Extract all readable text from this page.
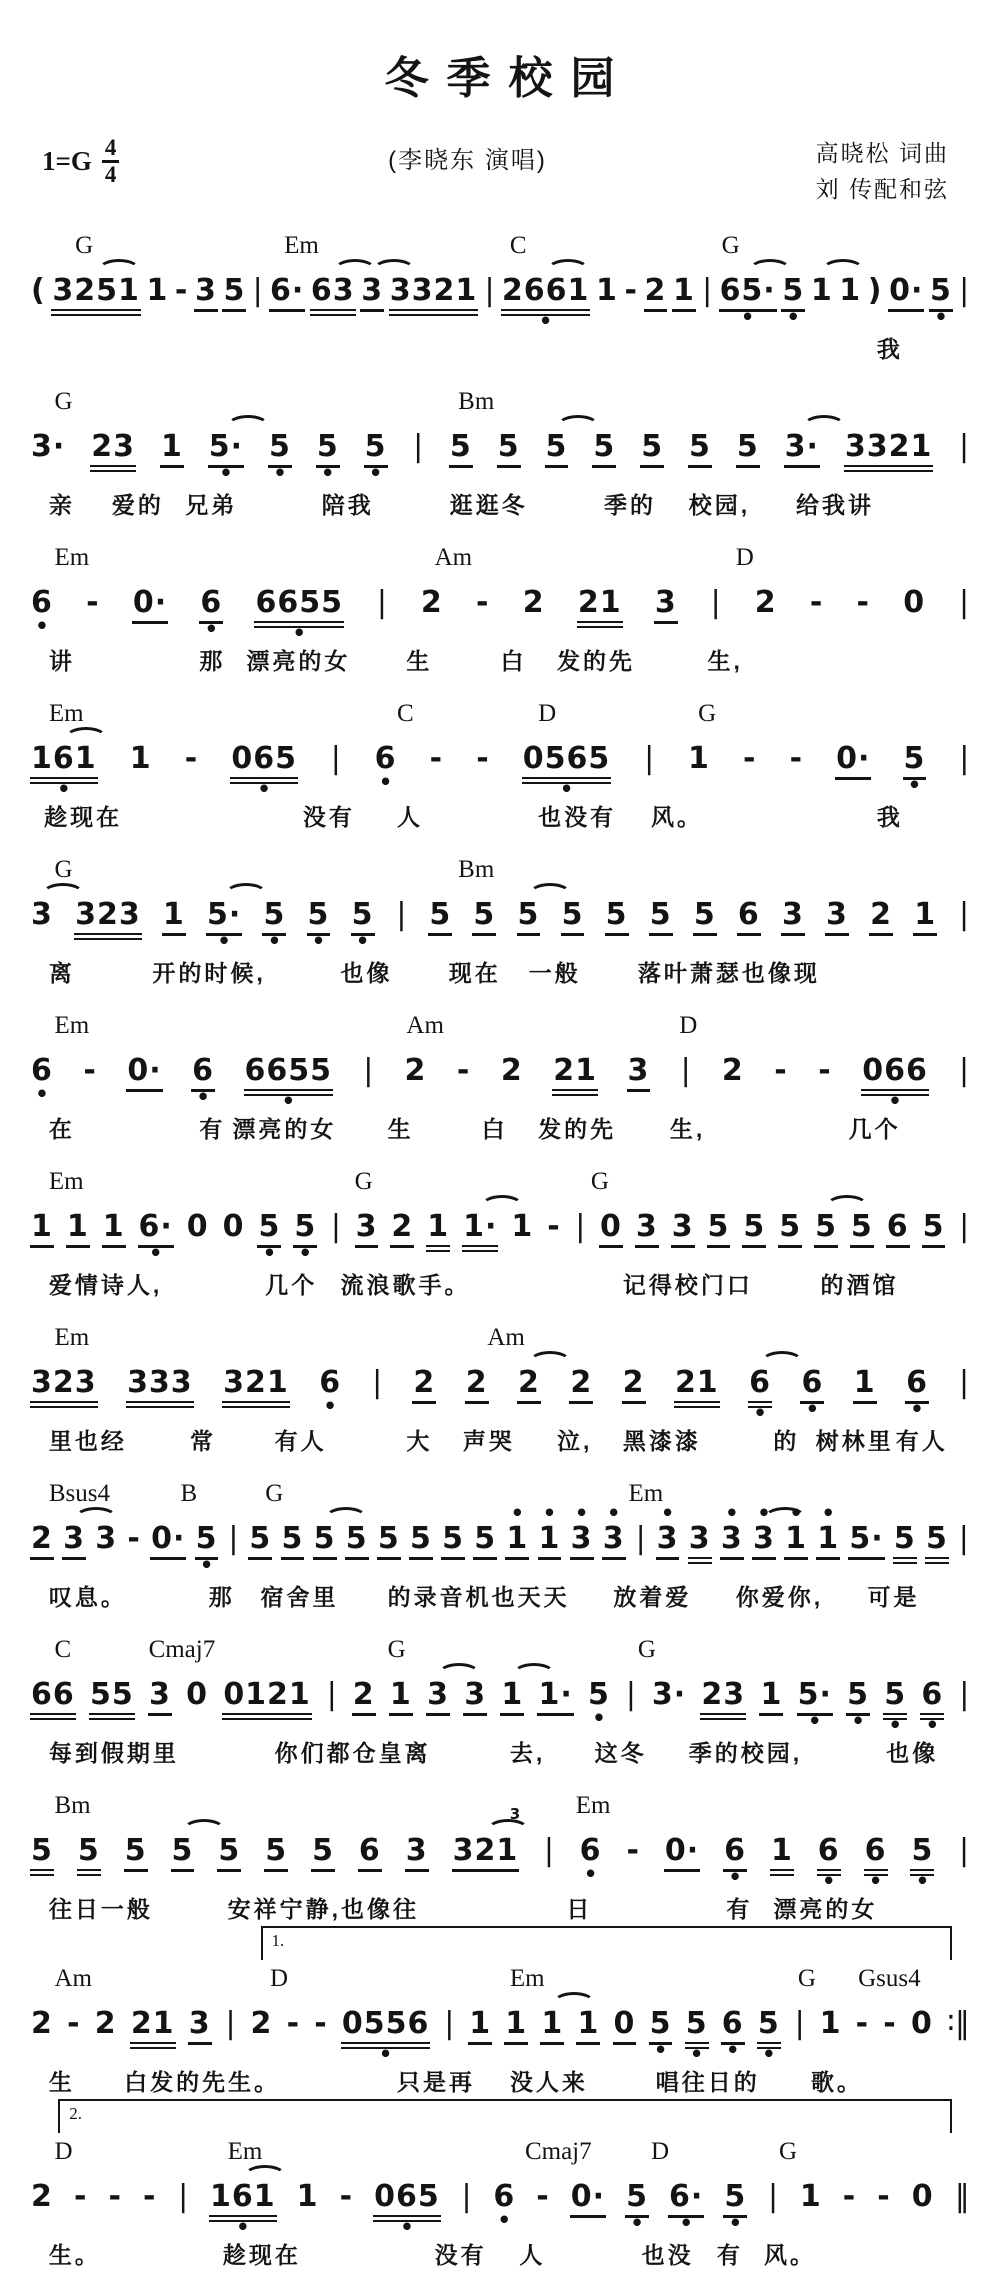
冬季校园
1=G 4
4
(李晓东 演唱)	高晓松 词曲
刘 传配和弦
G	Em	C	G
( 3251 1 - 3 5 | 6· 63 3 3321 | 2661
•
1 - 2 1 | 65·
•
5
•
1 1 ) 0· 5
•
|
我
G	Bm
3· 23 1 5·
•
5
•
5
•
5
•
| 5 5 5 5 5 5 5 3· 3321 |
亲 爱的 兄弟	陪我	逛逛冬	季的 校园, 给我讲
Em	Am	D
6
•
- 0· 6
•
6655
•
| 2 - 2 21 3 | 2 - - 0 |
讲	那 漂亮的女 生	白 发的先	生,
Em	C	D	G
161
•
1 - 065
•
| 6
•
- - 0565
•
| 1 - - 0· 5
•
|
趁现在	没有 人	也没有 风。	我
G	Bm
3 323 1 5·
•
5
•
5
•
5
•
| 5 5 5 5 5 5 5 6 3 3 2 1 |
离	开的时候,	也像 现在 一般 落叶萧瑟也像现
Em	Am	D
6
•
- 0· 6
•
6655
•
| 2 - 2 21 3 | 2 - - 066
•
|
在	有 漂亮的女 生	白 发的先 生,	几个
Em	G	G
1 1 1 6·
•
0 0 5
•
5
•
| 3 2 1 1· 1 - | 0 3 3 5 5 5 5 5 6 5 |
爱情诗人,	几个 流浪歌手。	记得校门口	的酒馆
Em	Am
323 333 321 6
•
| 2 2 2 2 2 21 6
•
6
•
1 6
•
|
里也经	常	有人	大 声哭 泣, 黑漆漆	的 树林里 有人
Bsus4	B	G	Em
2 3 3 - 0· 5
•
| 5 5 5 5 5 5 5 5
•
1
•
1
•
3
•
3 |
•
3 3
•
3
•
3
•
1
•
1 5· 5 5 |
叹息。	那 宿舍里 的录音机也天天 放着爱 你爱你, 可是
C	Cmaj7	G	G
66 55 3 0 0121 | 2 1 3 3 1 1· 5
•
| 3· 23 1 5·
•
5
•
5
•
6
•
|
每到假期里	你们都仓皇离	去, 这冬 季的校园,	也像
Bm	Em
5 5 5 5 5 5 5 6 3 321
3
| 6
•
- 0· 6
•
1 6
•
6
•
5
•
|
往日一般	安祥宁静,也像往	日	有 漂亮的女
1.
Am	D	Em	G Gsus4
2 - 2 21 3 | 2 - - 0556
•
| 1 1 1 1 0 5
•
5
•
6
•
5
•
| 1 - - 0 ∶‖
生 白发的先生。	只是再 没人来	唱往日的 歌。
2.
D	Em	Cmaj7 D	G
2 - - - | 161
•
1 - 065
•
| 6
•
- 0· 5
•
6·
•
5
•
| 1 - - 0 ‖
生。	趁现在	没有 人	也没 有 风。
